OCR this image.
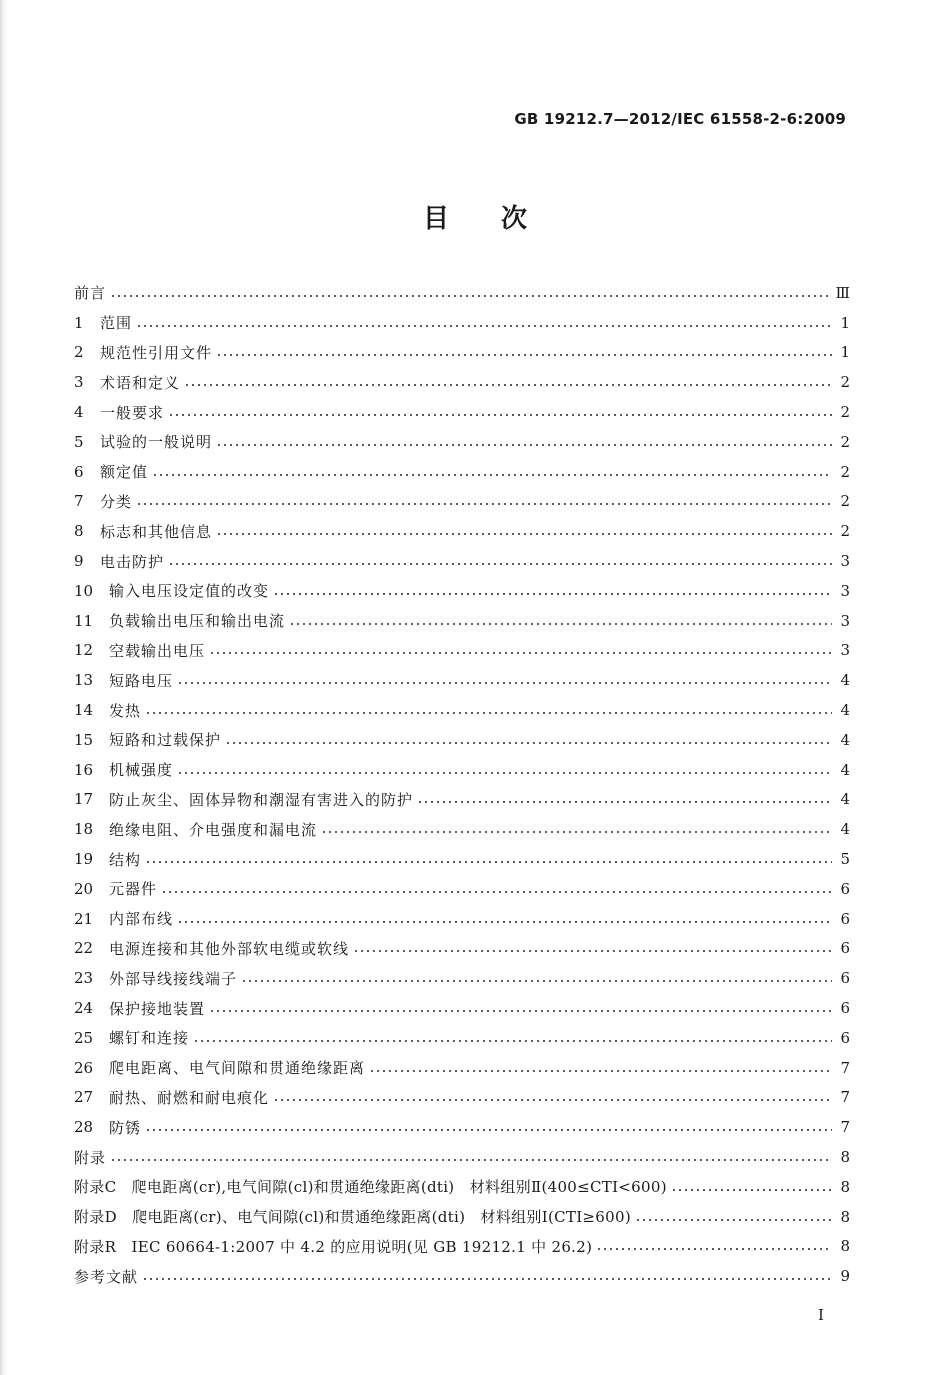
GB 19212.7—2012/IEC 61558-2-6:2009
目次
前言	Ⅲ
1	范围	1
2	规范性引用文件	1
3	术语和定义	2
4	一般要求	2
5	试验的一般说明	2
6	额定值	2
7	分类	2
8	标志和其他信息	2
9	电击防护	3
10	输入电压设定值的改变	3
11	负载输出电压和输出电流	3
12	空载输出电压	3
13	短路电压	4
14	发热	4
15	短路和过载保护	4
16	机械强度	4
17	防止灰尘、固体异物和潮湿有害进入的防护	4
18	绝缘电阻、介电强度和漏电流	4
19	结构	5
20	元器件	6
21	内部布线	6
22	电源连接和其他外部软电缆或软线	6
23	外部导线接线端子	6
24	保护接地装置	6
25	螺钉和连接	6
26	爬电距离、电气间隙和贯通绝缘距离	7
27	耐热、耐燃和耐电痕化	7
28	防锈	7
附录	8
附录C　爬电距离(cr),电气间隙(cl)和贯通绝缘距离(dti)　材料组别Ⅱ(400≤CTI<600)	8
附录D　爬电距离(cr)、电气间隙(cl)和贯通绝缘距离(dti)　材料组别Ⅰ(CTI≥600)	8
附录R　IEC 60664-1:2007 中 4.2 的应用说明(见 GB 19212.1 中 26.2)	8
参考文献	9
Ⅰ
